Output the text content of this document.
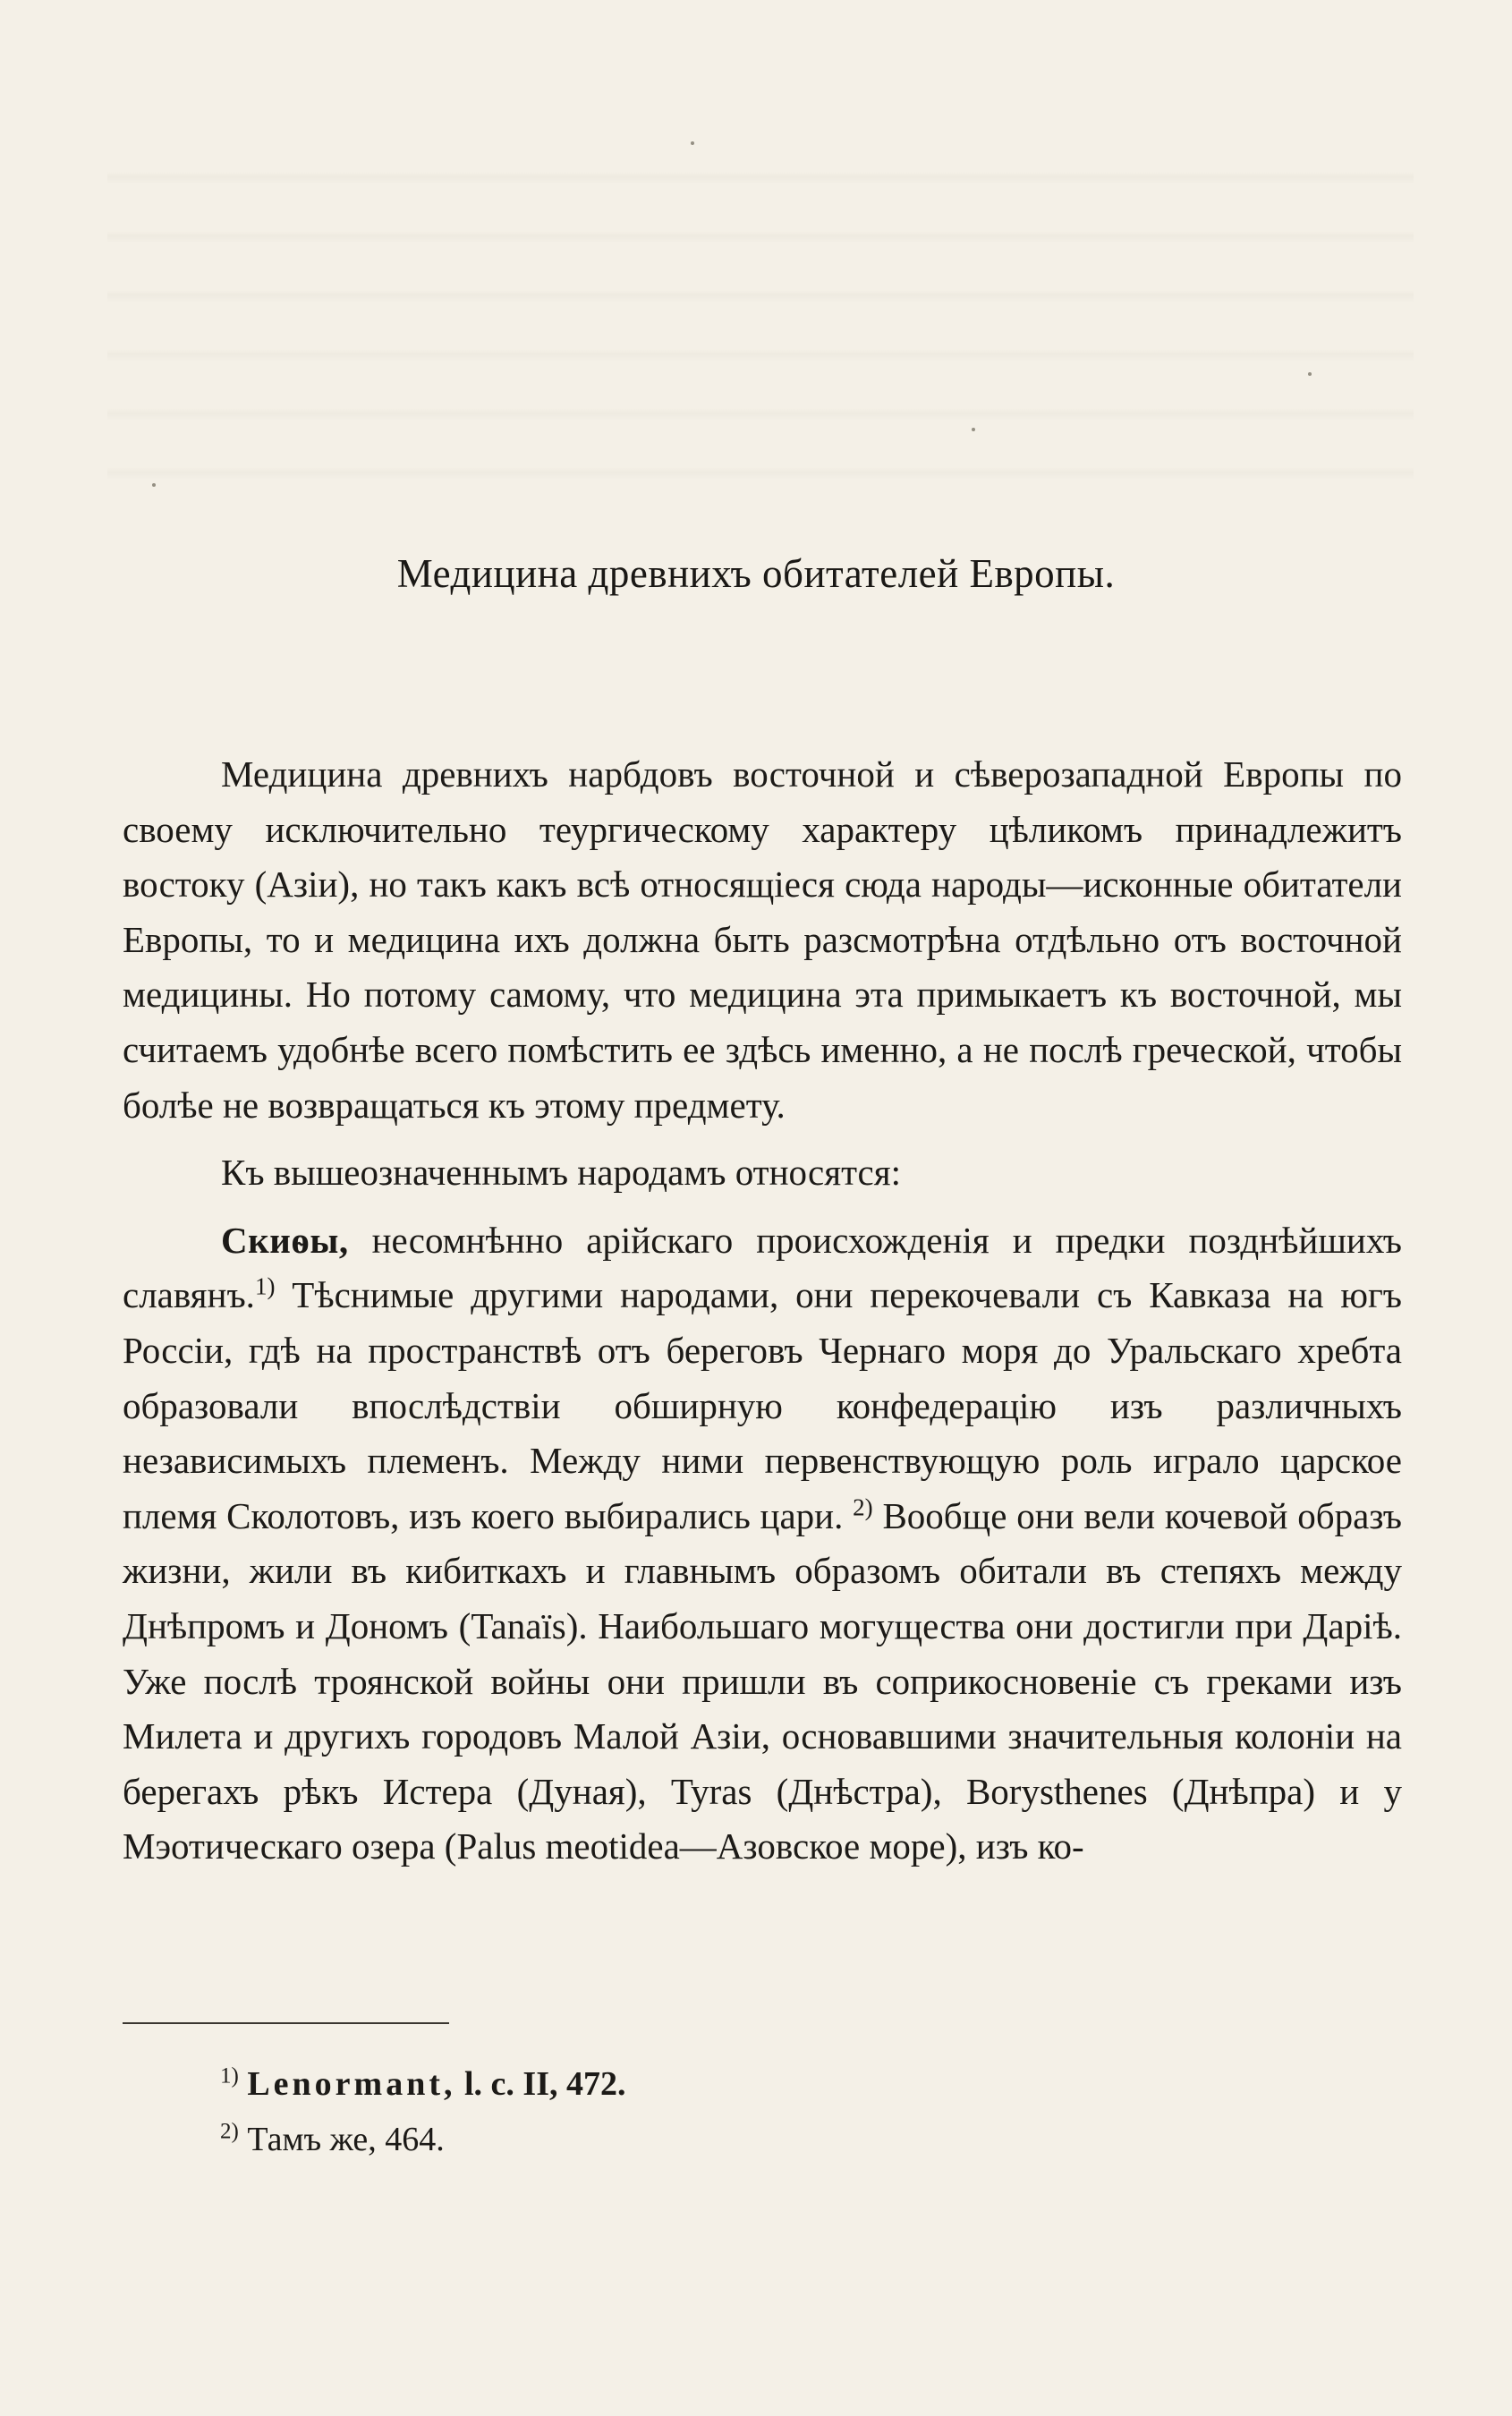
Медицина древнихъ обитателей Европы.

Медицина древнихъ нарбдовъ восточной и сѣверозападной Европы по своему исключительно теургическому характеру цѣликомъ принадлежитъ востоку (Азіи), но такъ какъ всѣ относящіеся сюда народы—исконные обитатели Европы, то и медицина ихъ должна быть разсмотрѣна отдѣльно отъ восточной медицины. Но потому самому, что медицина эта примыкаетъ къ восточной, мы считаемъ удобнѣе всего помѣстить ее здѣсь именно, а не послѣ греческой, чтобы болѣе не возвращаться къ этому предмету.

Къ вышеозначеннымъ народамъ относятся:

Скиѳы, несомнѣнно арійскаго происхожденія и предки позднѣйшихъ славянъ.$^{1)}$ Тѣснимые другими народами, они перекочевали съ Кавказа на югъ Россіи, гдѣ на пространствѣ отъ береговъ Чернаго моря до Уральскаго хребта образовали впослѣдствіи обширную конфедерацію изъ различныхъ независимыхъ племенъ. Между ними первенствующую роль играло царское племя Сколотовъ, изъ коего выбирались цари. $^{2)}$ Вообще они вели кочевой образъ жизни, жили въ кибиткахъ и главнымъ образомъ обитали въ степяхъ между Днѣпромъ и Дономъ (Tanaïs). Наибольшаго могущества они достигли при Даріѣ. Уже послѣ троянской войны они пришли въ соприкосновеніе съ греками изъ Милета и другихъ городовъ Малой Азіи, основавшими значительныя колоніи на берегахъ рѣкъ Истера (Дуная), Tyras (Днѣстра), Borysthenes (Днѣпра) и у Мэотическаго озера (Palus meotidea—Азовское море), изъ ко-

$^{1)}$ Lenormant, l. c. II, 472.
$^{2)}$ Тамъ же, 464.
